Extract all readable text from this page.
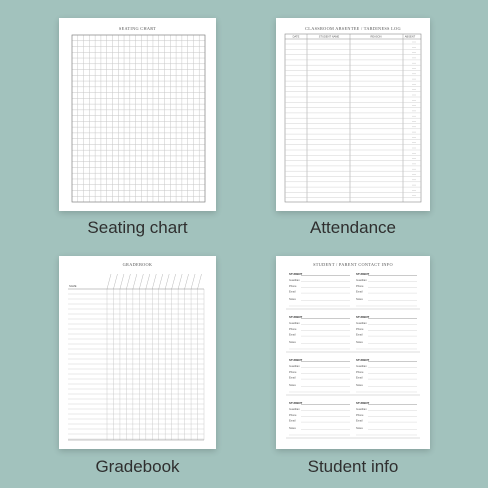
SEATING CHART
Seating chart
CLASSROOM ABSENTEE / TARDINESS LOG
DATE	STUDENT NAME	REASON	ABSENT
Attendance
GRADEBOOK
NAME
Gradebook
STUDENT / PARENT CONTACT INFO
STUDENT
Guardian
Phone
Email
Notes
STUDENT
Guardian
Phone
Email
Notes
STUDENT
Guardian
Phone
Email
Notes
STUDENT
Guardian
Phone
Email
Notes
STUDENT
Guardian
Phone
Email
Notes
STUDENT
Guardian
Phone
Email
Notes
STUDENT
Guardian
Phone
Email
Notes
STUDENT
Guardian
Phone
Email
Notes
Student info
